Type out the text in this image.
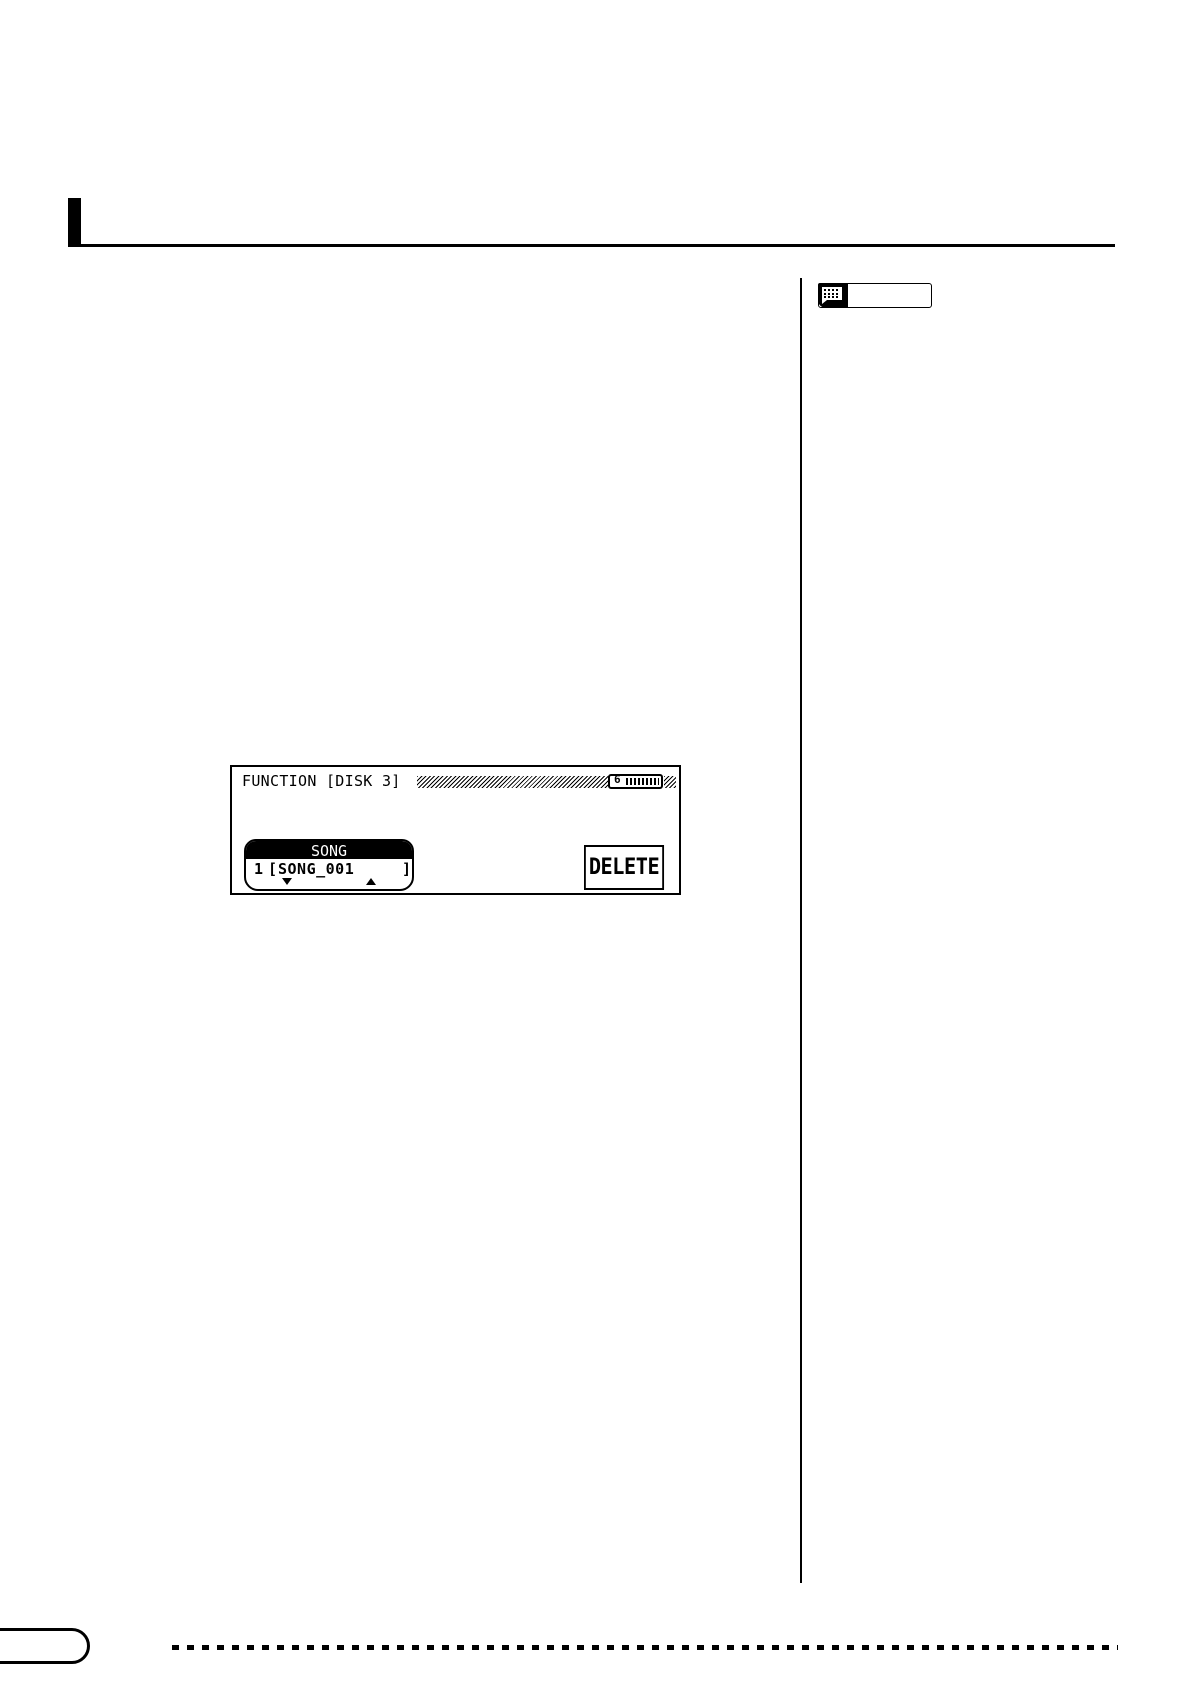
FUNCTION [DISK 3]	6
SONG
1 [ SONG_001	]	DELETE
